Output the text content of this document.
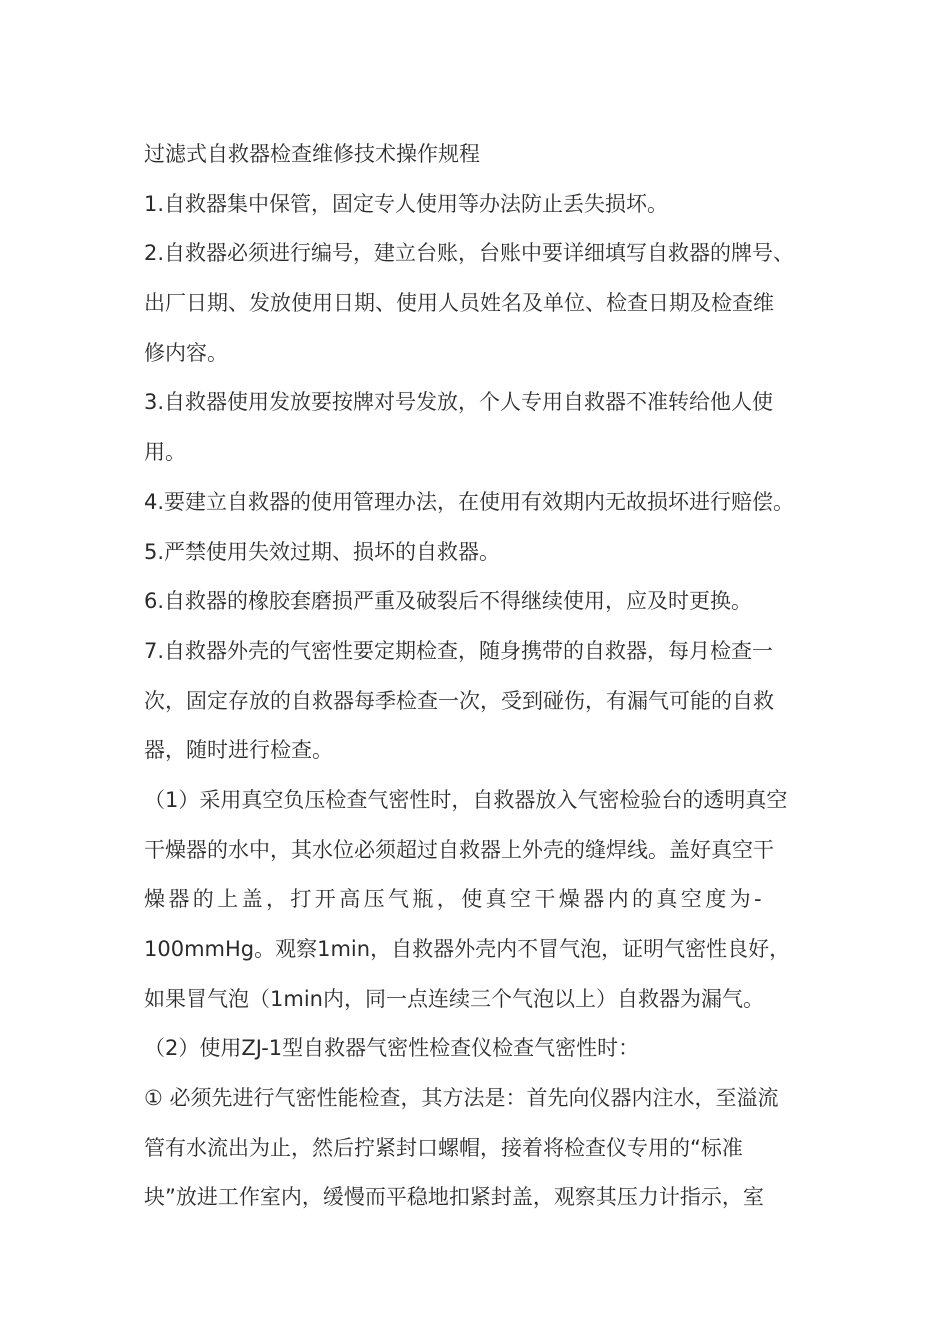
过滤式自救器检查维修技术操作规程
1.自救器集中保管，固定专人使用等办法防止丢失损坏。
2.自救器必须进行编号，建立台账，台账中要详细填写自救器的牌号、
出厂日期、发放使用日期、使用人员姓名及单位、检查日期及检查维
修内容。
3.自救器使用发放要按牌对号发放，个人专用自救器不准转给他人使
用。
4.要建立自救器的使用管理办法，在使用有效期内无故损坏进行赔偿。
5.严禁使用失效过期、损坏的自救器。
6.自救器的橡胶套磨损严重及破裂后不得继续使用，应及时更换。
7.自救器外壳的气密性要定期检查，随身携带的自救器，每月检查一
次，固定存放的自救器每季检查一次，受到碰伤，有漏气可能的自救
器，随时进行检查。
（1）采用真空负压检查气密性时，自救器放入气密检验台的透明真空
干燥器的水中，其水位必须超过自救器上外壳的缝焊线。盖好真空干
燥器的上盖，打开高压气瓶，使真空干燥器内的真空度为-
100mmHg。观察1min，自救器外壳内不冒气泡，证明气密性良好，
如果冒气泡（1min内，同一点连续三个气泡以上）自救器为漏气。
（2）使用ZJ-1型自救器气密性检查仪检查气密性时：
① 必须先进行气密性能检查，其方法是：首先向仪器内注水，至溢流
管有水流出为止，然后拧紧封口螺帽，接着将检查仪专用的“标准
块”放进工作室内，缓慢而平稳地扣紧封盖，观察其压力计指示，室
